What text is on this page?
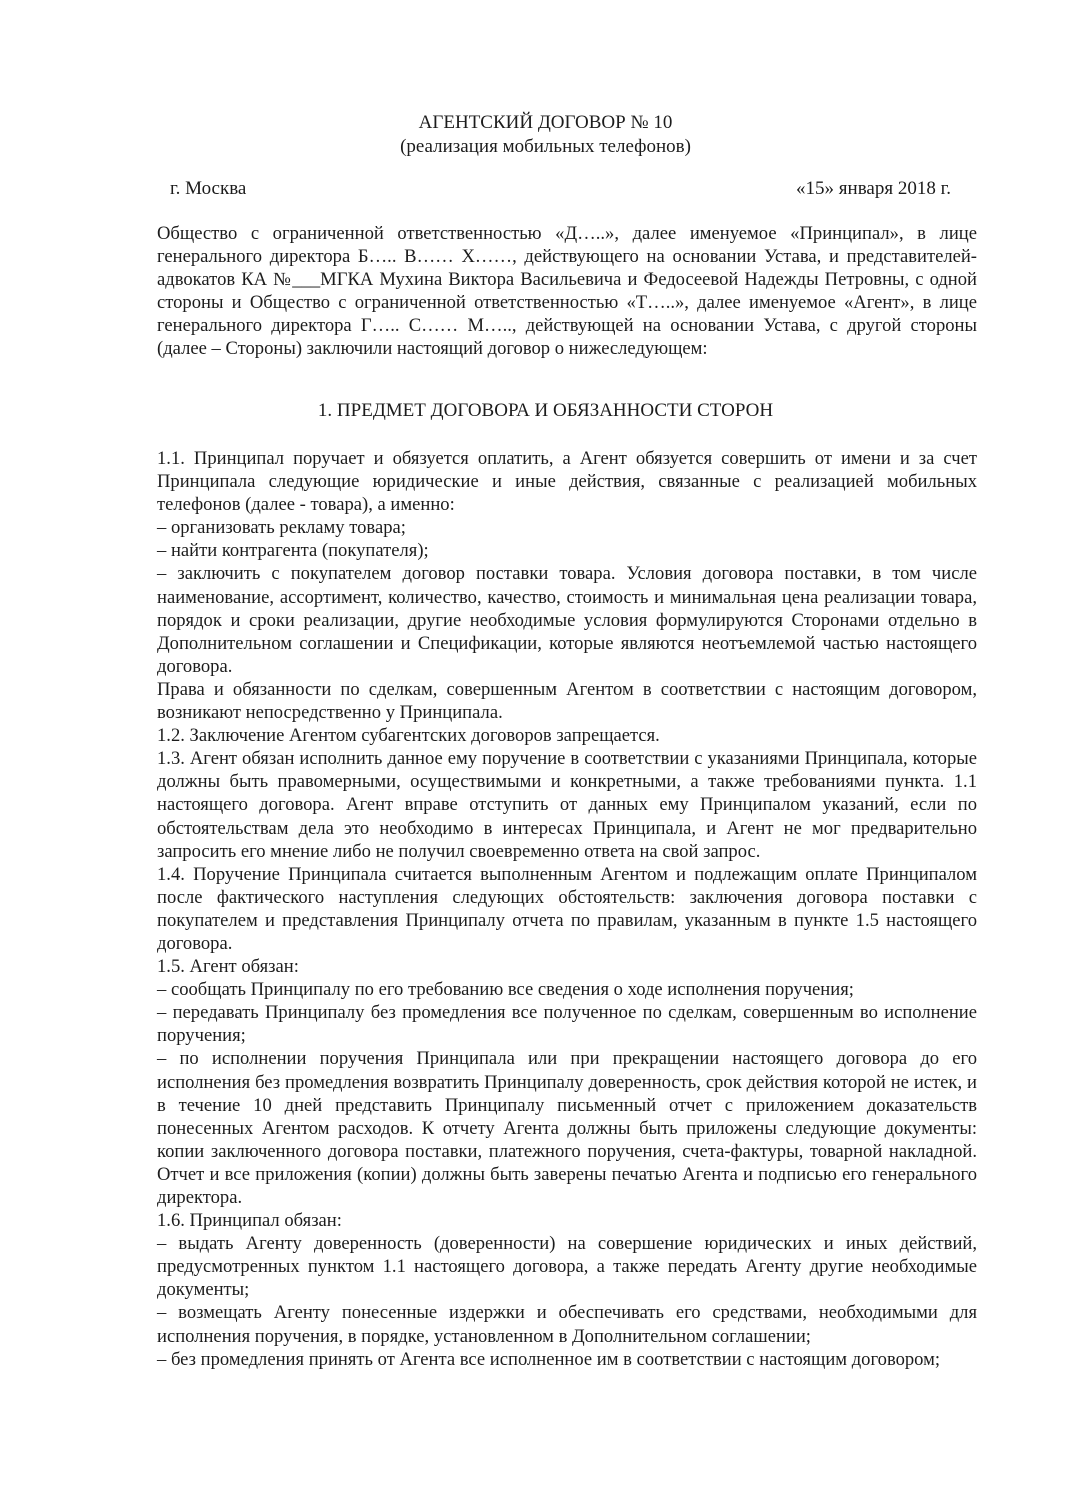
АГЕНТСКИЙ ДОГОВОР № 10
(реализация мобильных телефонов)
г. Москва	«15» января 2018 г.

Общество с ограниченной ответственностью «Д…..», далее именуемое «Принципал», в лице генерального директора Б….. В…… Х……, действующего на основании Устава, и представителей- адвокатов КА №___МГКА Мухина Виктора Васильевича и Федосеевой Надежды Петровны, с одной стороны и Общество с ограниченной ответственностью «Т…..», далее именуемое «Агент», в лице генерального директора Г….. С…… М….., действующей на основании Устава, с другой стороны (далее – Стороны) заключили настоящий договор о нижеследующем:

1. ПРЕДМЕТ ДОГОВОРА И ОБЯЗАННОСТИ СТОРОН

1.1. Принципал поручает и обязуется оплатить, а Агент обязуется совершить от имени и за счет Принципала следующие юридические и иные действия, связанные с реализацией мобильных телефонов (далее - товара), а именно:

– организовать рекламу товара;

– найти контрагента (покупателя);

– заключить с покупателем договор поставки товара. Условия договора поставки, в том числе наименование, ассортимент, количество, качество, стоимость и минимальная цена реализации товара, порядок и сроки реализации, другие необходимые условия формулируются Сторонами отдельно в Дополнительном соглашении и Спецификации, которые являются неотъемлемой частью настоящего договора.

Права и обязанности по сделкам, совершенным Агентом в соответствии с настоящим договором, возникают непосредственно у Принципала.

1.2. Заключение Агентом субагентских договоров запрещается.

1.3. Агент обязан исполнить данное ему поручение в соответствии с указаниями Принципала, которые должны быть правомерными, осуществимыми и конкретными, а также требованиями пункта. 1.1 настоящего договора. Агент вправе отступить от данных ему Принципалом указаний, если по обстоятельствам дела это необходимо в интересах Принципала, и Агент не мог предварительно запросить его мнение либо не получил своевременно ответа на свой запрос.

1.4. Поручение Принципала считается выполненным Агентом и подлежащим оплате Принципалом после фактического наступления следующих обстоятельств: заключения договора поставки с покупателем и представления Принципалу отчета по правилам, указанным в пункте 1.5 настоящего договора.

1.5. Агент обязан:

– сообщать Принципалу по его требованию все сведения о ходе исполнения поручения;

– передавать Принципалу без промедления все полученное по сделкам, совершенным во исполнение поручения;

– по исполнении поручения Принципала или при прекращении настоящего договора до его исполнения без промедления возвратить Принципалу доверенность, срок действия которой не истек, и в течение 10 дней представить Принципалу письменный отчет с приложением доказательств понесенных Агентом расходов. К отчету Агента должны быть приложены следующие документы: копии заключенного договора поставки, платежного поручения, счета-фактуры, товарной накладной. Отчет и все приложения (копии) должны быть заверены печатью Агента и подписью его генерального директора.

1.6. Принципал обязан:

– выдать Агенту доверенность (доверенности) на совершение юридических и иных действий, предусмотренных пунктом 1.1 настоящего договора, а также передать Агенту другие необходимые документы;

– возмещать Агенту понесенные издержки и обеспечивать его средствами, необходимыми для исполнения поручения, в порядке, установленном в Дополнительном соглашении;

– без промедления принять от Агента все исполненное им в соответствии с настоящим договором;
